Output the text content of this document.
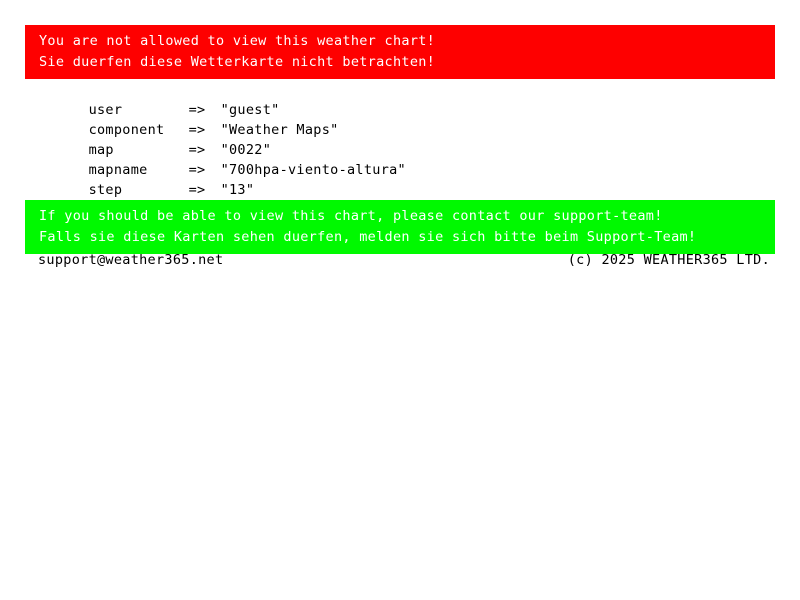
You are not allowed to view this weather chart!
Sie duerfen diese Wetterkarte nicht betrachten!

user	=> "guest"

component => "Weather Maps"

map	=> "0022"

mapname	=> "700hpa-viento-altura"

step	=> "13"

If you should be able to view this chart, please contact our support-team!
Falls sie diese Karten sehen duerfen, melden sie sich bitte beim Support-Team!
support@weather365.net	(c) 2025 WEATHER365 LTD.
